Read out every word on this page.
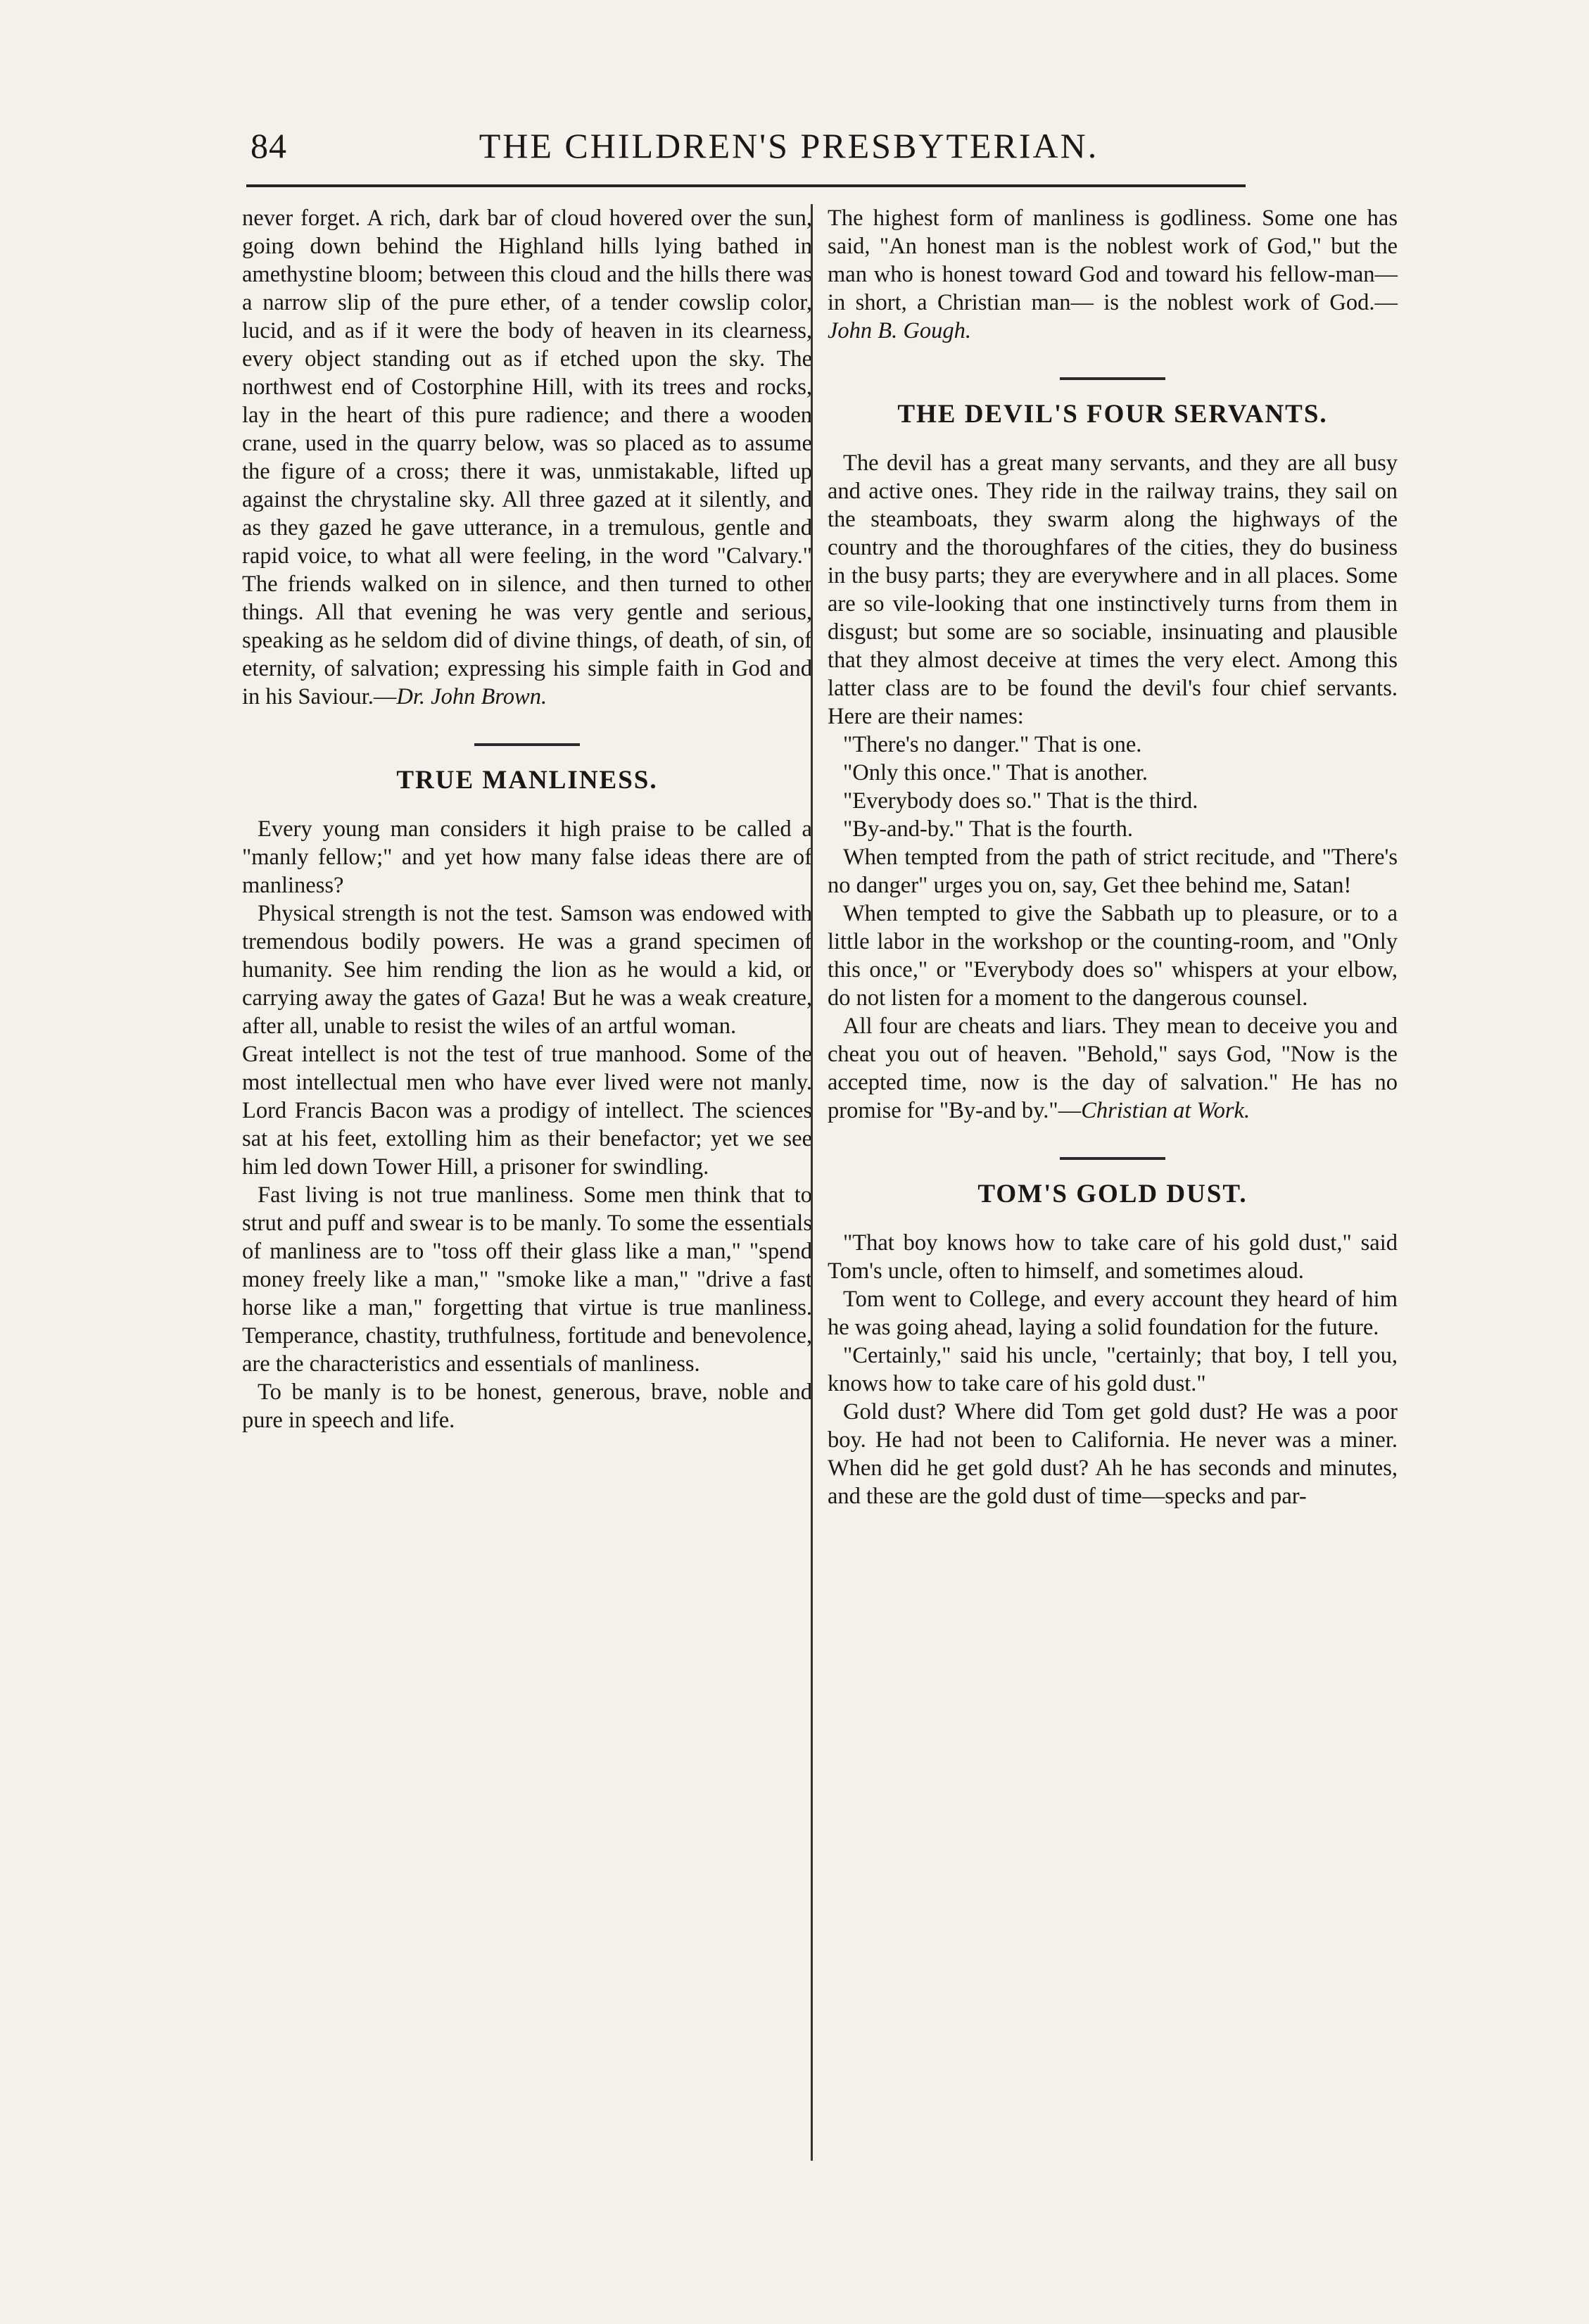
84	THE CHILDREN'S PRESBYTERIAN.

never forget. A rich, dark bar of cloud hovered over the sun, going down behind the Highland hills lying bathed in amethystine bloom; between this cloud and the hills there was a narrow slip of the pure ether, of a tender cowslip color, lucid, and as if it were the body of heaven in its clearness, every object standing out as if etched upon the sky. The northwest end of Costorphine Hill, with its trees and rocks, lay in the heart of this pure radience; and there a wooden crane, used in the quarry below, was so placed as to assume the figure of a cross; there it was, unmistakable, lifted up against the chrystaline sky. All three gazed at it silently, and as they gazed he gave utterance, in a tremulous, gentle and rapid voice, to what all were feeling, in the word "Calvary." The friends walked on in silence, and then turned to other things. All that evening he was very gentle and serious, speaking as he seldom did of divine things, of death, of sin, of eternity, of salvation; expressing his simple faith in God and in his Saviour.—Dr. John Brown.

TRUE MANLINESS.

Every young man considers it high praise to be called a "manly fellow;" and yet how many false ideas there are of manliness?

Physical strength is not the test. Samson was endowed with tremendous bodily powers. He was a grand specimen of humanity. See him rending the lion as he would a kid, or carrying away the gates of Gaza! But he was a weak creature, after all, unable to resist the wiles of an artful woman.

Great intellect is not the test of true manhood. Some of the most intellectual men who have ever lived were not manly. Lord Francis Bacon was a prodigy of intellect. The sciences sat at his feet, extolling him as their benefactor; yet we see him led down Tower Hill, a prisoner for swindling.

Fast living is not true manliness. Some men think that to strut and puff and swear is to be manly. To some the essentials of manliness are to "toss off their glass like a man," "spend money freely like a man," "smoke like a man," "drive a fast horse like a man," forgetting that virtue is true manliness. Temperance, chastity, truthfulness, fortitude and benevolence, are the characteristics and essentials of manliness.

To be manly is to be honest, generous, brave, noble and pure in speech and life.

The highest form of manliness is godliness. Some one has said, "An honest man is the noblest work of God," but the man who is honest toward God and toward his fellow-man—in short, a Christian man— is the noblest work of God.—John B. Gough.

THE DEVIL'S FOUR SERVANTS.

The devil has a great many servants, and they are all busy and active ones. They ride in the railway trains, they sail on the steamboats, they swarm along the highways of the country and the thoroughfares of the cities, they do business in the busy parts; they are everywhere and in all places. Some are so vile-looking that one instinctively turns from them in disgust; but some are so sociable, insinuating and plausible that they almost deceive at times the very elect. Among this latter class are to be found the devil's four chief servants. Here are their names:

"There's no danger." That is one.

"Only this once." That is another.

"Everybody does so." That is the third.

"By-and-by." That is the fourth.

When tempted from the path of strict recitude, and "There's no danger" urges you on, say, Get thee behind me, Satan!

When tempted to give the Sabbath up to pleasure, or to a little labor in the workshop or the counting-room, and "Only this once," or "Everybody does so" whispers at your elbow, do not listen for a moment to the dangerous counsel.

All four are cheats and liars. They mean to deceive you and cheat you out of heaven. "Behold," says God, "Now is the accepted time, now is the day of salvation." He has no promise for "By-and by."—Christian at Work.

TOM'S GOLD DUST.

"That boy knows how to take care of his gold dust," said Tom's uncle, often to himself, and sometimes aloud.

Tom went to College, and every account they heard of him he was going ahead, laying a solid foundation for the future.

"Certainly," said his uncle, "certainly; that boy, I tell you, knows how to take care of his gold dust."

Gold dust? Where did Tom get gold dust? He was a poor boy. He had not been to California. He never was a miner. When did he get gold dust? Ah he has seconds and minutes, and these are the gold dust of time—specks and par-
